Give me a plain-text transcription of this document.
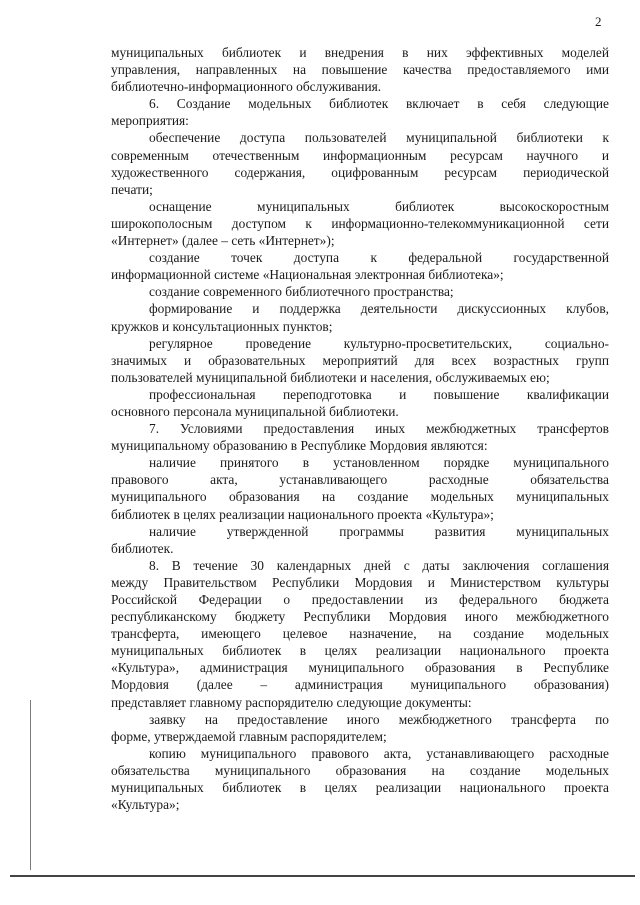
2
муниципальных библиотек и внедрения в них эффективных моделей
управления, направленных на повышение качества предоставляемого ими
библиотечно-информационного обслуживания.
6. Создание модельных библиотек включает в себя следующие
мероприятия:
обеспечение доступа пользователей муниципальной библиотеки к
современным отечественным информационным ресурсам научного и
художественного содержания, оцифрованным ресурсам периодической
печати;
оснащение муниципальных библиотек высокоскоростным
широкополосным доступом к информационно-телекоммуникационной сети
«Интернет» (далее – сеть «Интернет»);
создание точек доступа к федеральной государственной
информационной системе «Национальная электронная библиотека»;
создание современного библиотечного пространства;
формирование и поддержка деятельности дискуссионных клубов,
кружков и консультационных пунктов;
регулярное проведение культурно-просветительских, социально-
значимых и образовательных мероприятий для всех возрастных групп
пользователей муниципальной библиотеки и населения, обслуживаемых ею;
профессиональная переподготовка и повышение квалификации
основного персонала муниципальной библиотеки.
7. Условиями предоставления иных межбюджетных трансфертов
муниципальному образованию в Республике Мордовия являются:
наличие принятого в установленном порядке муниципального
правового акта, устанавливающего расходные обязательства
муниципального образования на создание модельных муниципальных
библиотек в целях реализации национального проекта «Культура»;
наличие утвержденной программы развития муниципальных
библиотек.
8. В течение 30 календарных дней с даты заключения соглашения
между Правительством Республики Мордовия и Министерством культуры
Российской Федерации о предоставлении из федерального бюджета
республиканскому бюджету Республики Мордовия иного межбюджетного
трансферта, имеющего целевое назначение, на создание модельных
муниципальных библиотек в целях реализации национального проекта
«Культура», администрация муниципального образования в Республике
Мордовия (далее – администрация муниципального образования)
представляет главному распорядителю следующие документы:
заявку на предоставление иного межбюджетного трансферта по
форме, утверждаемой главным распорядителем;
копию муниципального правового акта, устанавливающего расходные
обязательства муниципального образования на создание модельных
муниципальных библиотек в целях реализации национального проекта
«Культура»;
